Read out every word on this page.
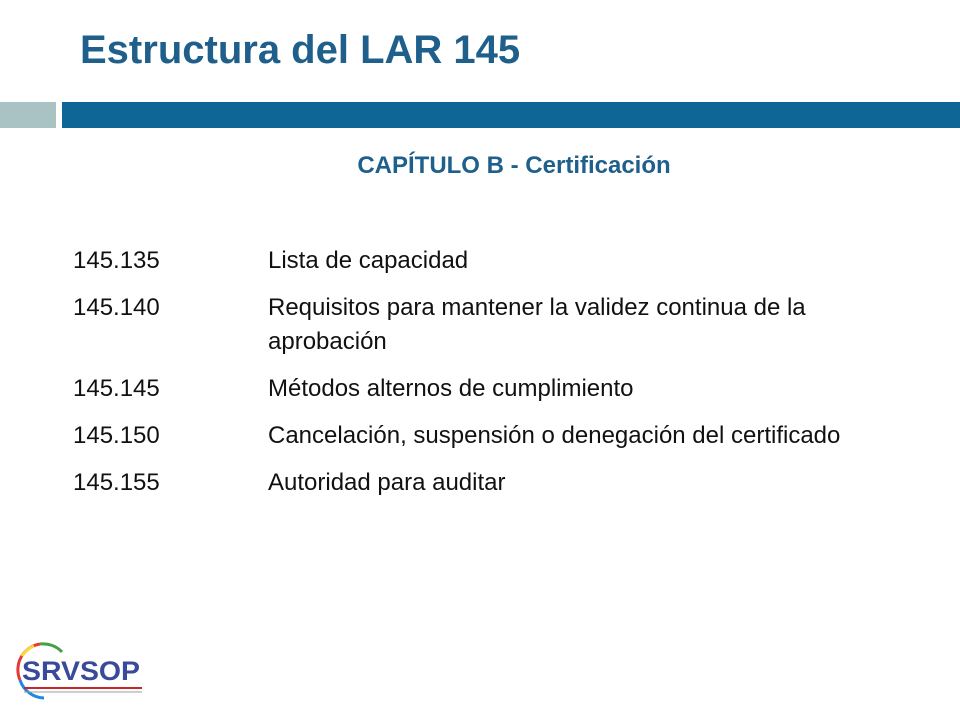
Estructura del LAR 145
CAPÍTULO B - Certificación
145.135	Lista de capacidad
145.140	Requisitos para mantener la validez continua de la aprobación
145.145	Métodos alternos de cumplimiento
145.150	Cancelación, suspensión o denegación del certificado
145.155	Autoridad para auditar
SRVSOP
